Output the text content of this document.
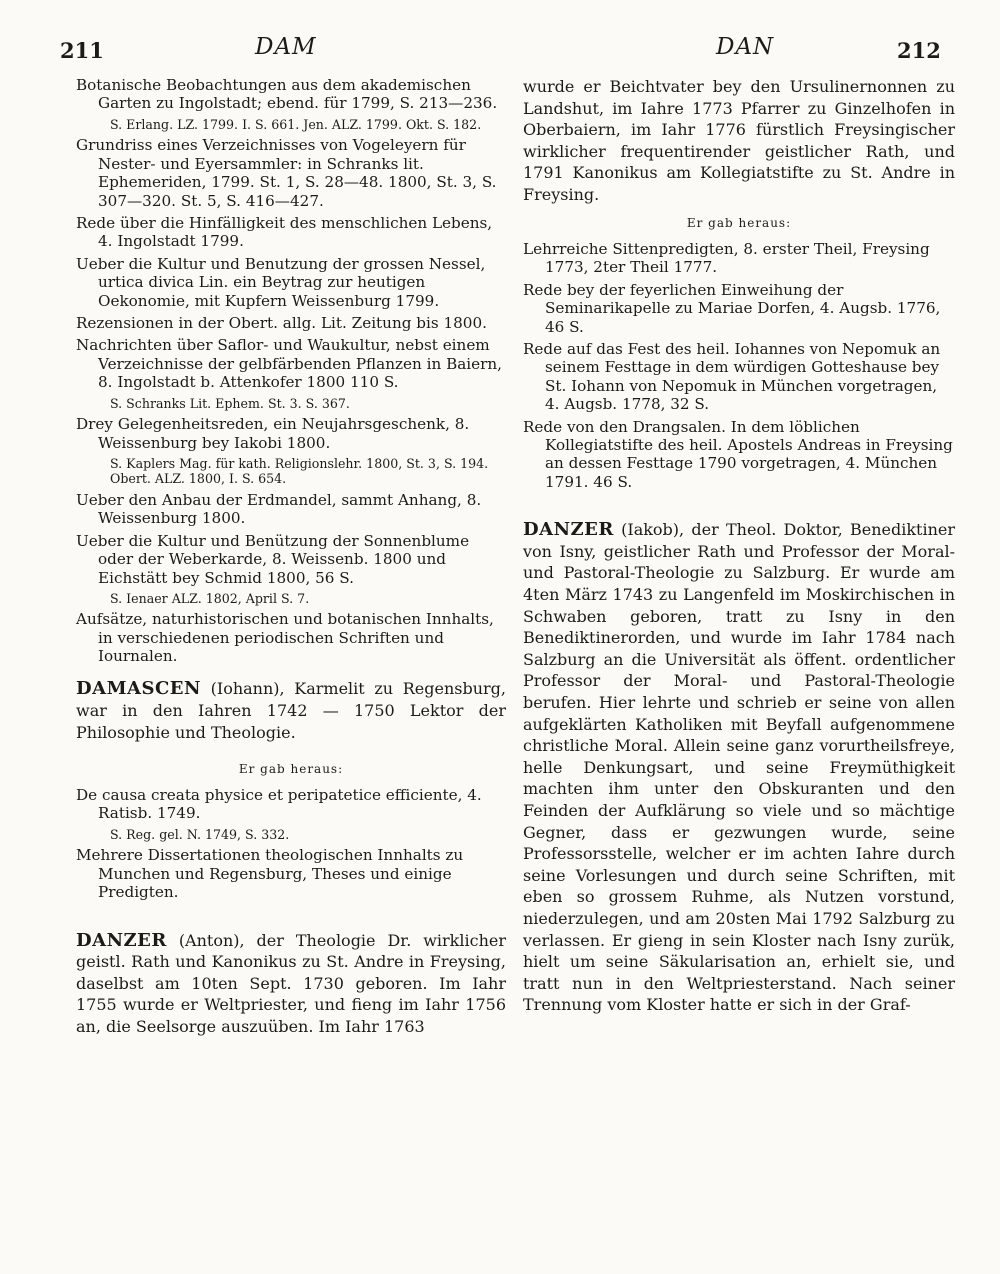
211	DAM	DAN	212

Botanische Beobachtungen aus dem akademischen Garten zu Ingolstadt; ebend. für 1799, S. 213—236.

S. Erlang. LZ. 1799. I. S. 661. Jen. ALZ. 1799. Okt. S. 182.

Grundriss eines Verzeichnisses von Vogeleyern für Nester- und Eyersammler: in Schranks lit. Ephemeriden, 1799. St. 1, S. 28—48. 1800, St. 3, S. 307—320. St. 5, S. 416—427.

Rede über die Hinfälligkeit des menschlichen Lebens, 4. Ingolstadt 1799.

Ueber die Kultur und Benutzung der grossen Nessel, urtica divica Lin. ein Beytrag zur heutigen Oekonomie, mit Kupfern Weissenburg 1799.

Rezensionen in der Obert. allg. Lit. Zeitung bis 1800.

Nachrichten über Saflor- und Waukultur, nebst einem Verzeichnisse der gelbfärbenden Pflanzen in Baiern, 8. Ingolstadt b. Attenkofer 1800 110 S.

S. Schranks Lit. Ephem. St. 3. S. 367.

Drey Gelegenheitsreden, ein Neujahrsgeschenk, 8. Weissenburg bey Iakobi 1800.

S. Kaplers Mag. für kath. Religionslehr. 1800, St. 3, S. 194. Obert. ALZ. 1800, I. S. 654.

Ueber den Anbau der Erdmandel, sammt Anhang, 8. Weissenburg 1800.

Ueber die Kultur und Benützung der Sonnenblume oder der Weberkarde, 8. Weissenb. 1800 und Eichstätt bey Schmid 1800, 56 S.

S. Ienaer ALZ. 1802, April S. 7.

Aufsätze, naturhistorischen und botanischen Innhalts, in verschiedenen periodischen Schriften und Iournalen.

DAMASCEN (Iohann), Karmelit zu Regensburg, war in den Iahren 1742 — 1750 Lektor der Philosophie und Theologie.

Er gab heraus:

De causa creata physice et peripatetice efficiente, 4. Ratisb. 1749.

S. Reg. gel. N. 1749, S. 332.

Mehrere Dissertationen theologischen Innhalts zu Munchen und Regensburg, Theses und einige Predigten.

DANZER (Anton), der Theologie Dr. wirklicher geistl. Rath und Kanonikus zu St. Andre in Freysing, daselbst am 10ten Sept. 1730 geboren. Im Iahr 1755 wurde er Weltpriester, und fieng im Iahr 1756 an, die Seelsorge auszuüben. Im Iahr 1763

wurde er Beichtvater bey den Ursulinernonnen zu Landshut, im Iahre 1773 Pfarrer zu Ginzelhofen in Oberbaiern, im Iahr 1776 fürstlich Freysingischer wirklicher frequentirender geistlicher Rath, und 1791 Kanonikus am Kollegiatstifte zu St. Andre in Freysing.

Er gab heraus:

Lehrreiche Sittenpredigten, 8. erster Theil, Freysing 1773, 2ter Theil 1777.

Rede bey der feyerlichen Einweihung der Seminarikapelle zu Mariae Dorfen, 4. Augsb. 1776, 46 S.

Rede auf das Fest des heil. Iohannes von Nepomuk an seinem Festtage in dem würdigen Gotteshause bey St. Iohann von Nepomuk in München vorgetragen, 4. Augsb. 1778, 32 S.

Rede von den Drangsalen. In dem löblichen Kollegiatstifte des heil. Apostels Andreas in Freysing an dessen Festtage 1790 vorgetragen, 4. München 1791. 46 S.

DANZER (Iakob), der Theol. Doktor, Benediktiner von Isny, geistlicher Rath und Professor der Moral- und Pastoral-Theologie zu Salzburg. Er wurde am 4ten März 1743 zu Langenfeld im Moskirchischen in Schwaben geboren, tratt zu Isny in den Benediktinerorden, und wurde im Iahr 1784 nach Salzburg an die Universität als öffent. ordentlicher Professor der Moral- und Pastoral-Theologie berufen. Hier lehrte und schrieb er seine von allen aufgeklärten Katholiken mit Beyfall aufgenommene christliche Moral. Allein seine ganz vorurtheilsfreye, helle Denkungsart, und seine Freymüthigkeit machten ihm unter den Obskuranten und den Feinden der Aufklärung so viele und so mächtige Gegner, dass er gezwungen wurde, seine Professorsstelle, welcher er im achten Iahre durch seine Vorlesungen und durch seine Schriften, mit eben so grossem Ruhme, als Nutzen vorstund, niederzulegen, und am 20sten Mai 1792 Salzburg zu verlassen. Er gieng in sein Kloster nach Isny zurük, hielt um seine Säkularisation an, erhielt sie, und tratt nun in den Weltpriesterstand. Nach seiner Trennung vom Kloster hatte er sich in der Graf-
